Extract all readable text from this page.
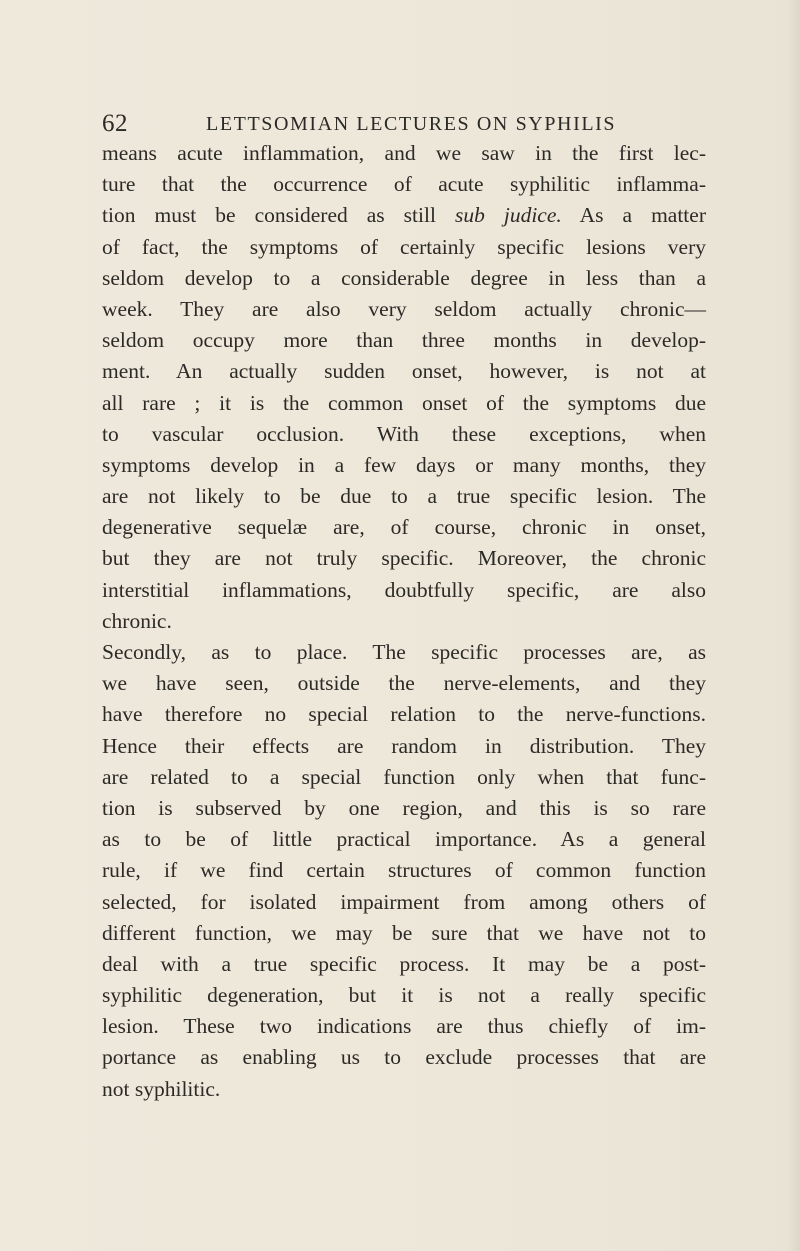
62	LETTSOMIAN LECTURES ON SYPHILIS
means acute inflammation, and we saw in the first lec-
ture that the occurrence of acute syphilitic inflamma-
tion must be considered as still sub judice. As a matter
of fact, the symptoms of certainly specific lesions very
seldom develop to a considerable degree in less than a
week. They are also very seldom actually chronic—
seldom occupy more than three months in develop-
ment. An actually sudden onset, however, is not at
all rare ; it is the common onset of the symptoms due
to vascular occlusion. With these exceptions, when
symptoms develop in a few days or many months, they
are not likely to be due to a true specific lesion. The
degenerative sequelæ are, of course, chronic in onset,
but they are not truly specific. Moreover, the chronic
interstitial inflammations, doubtfully specific, are also
chronic.
Secondly, as to place. The specific processes are, as
we have seen, outside the nerve-elements, and they
have therefore no special relation to the nerve-functions.
Hence their effects are random in distribution. They
are related to a special function only when that func-
tion is subserved by one region, and this is so rare
as to be of little practical importance. As a general
rule, if we find certain structures of common function
selected, for isolated impairment from among others of
different function, we may be sure that we have not to
deal with a true specific process. It may be a post-
syphilitic degeneration, but it is not a really specific
lesion. These two indications are thus chiefly of im-
portance as enabling us to exclude processes that are
not syphilitic.
